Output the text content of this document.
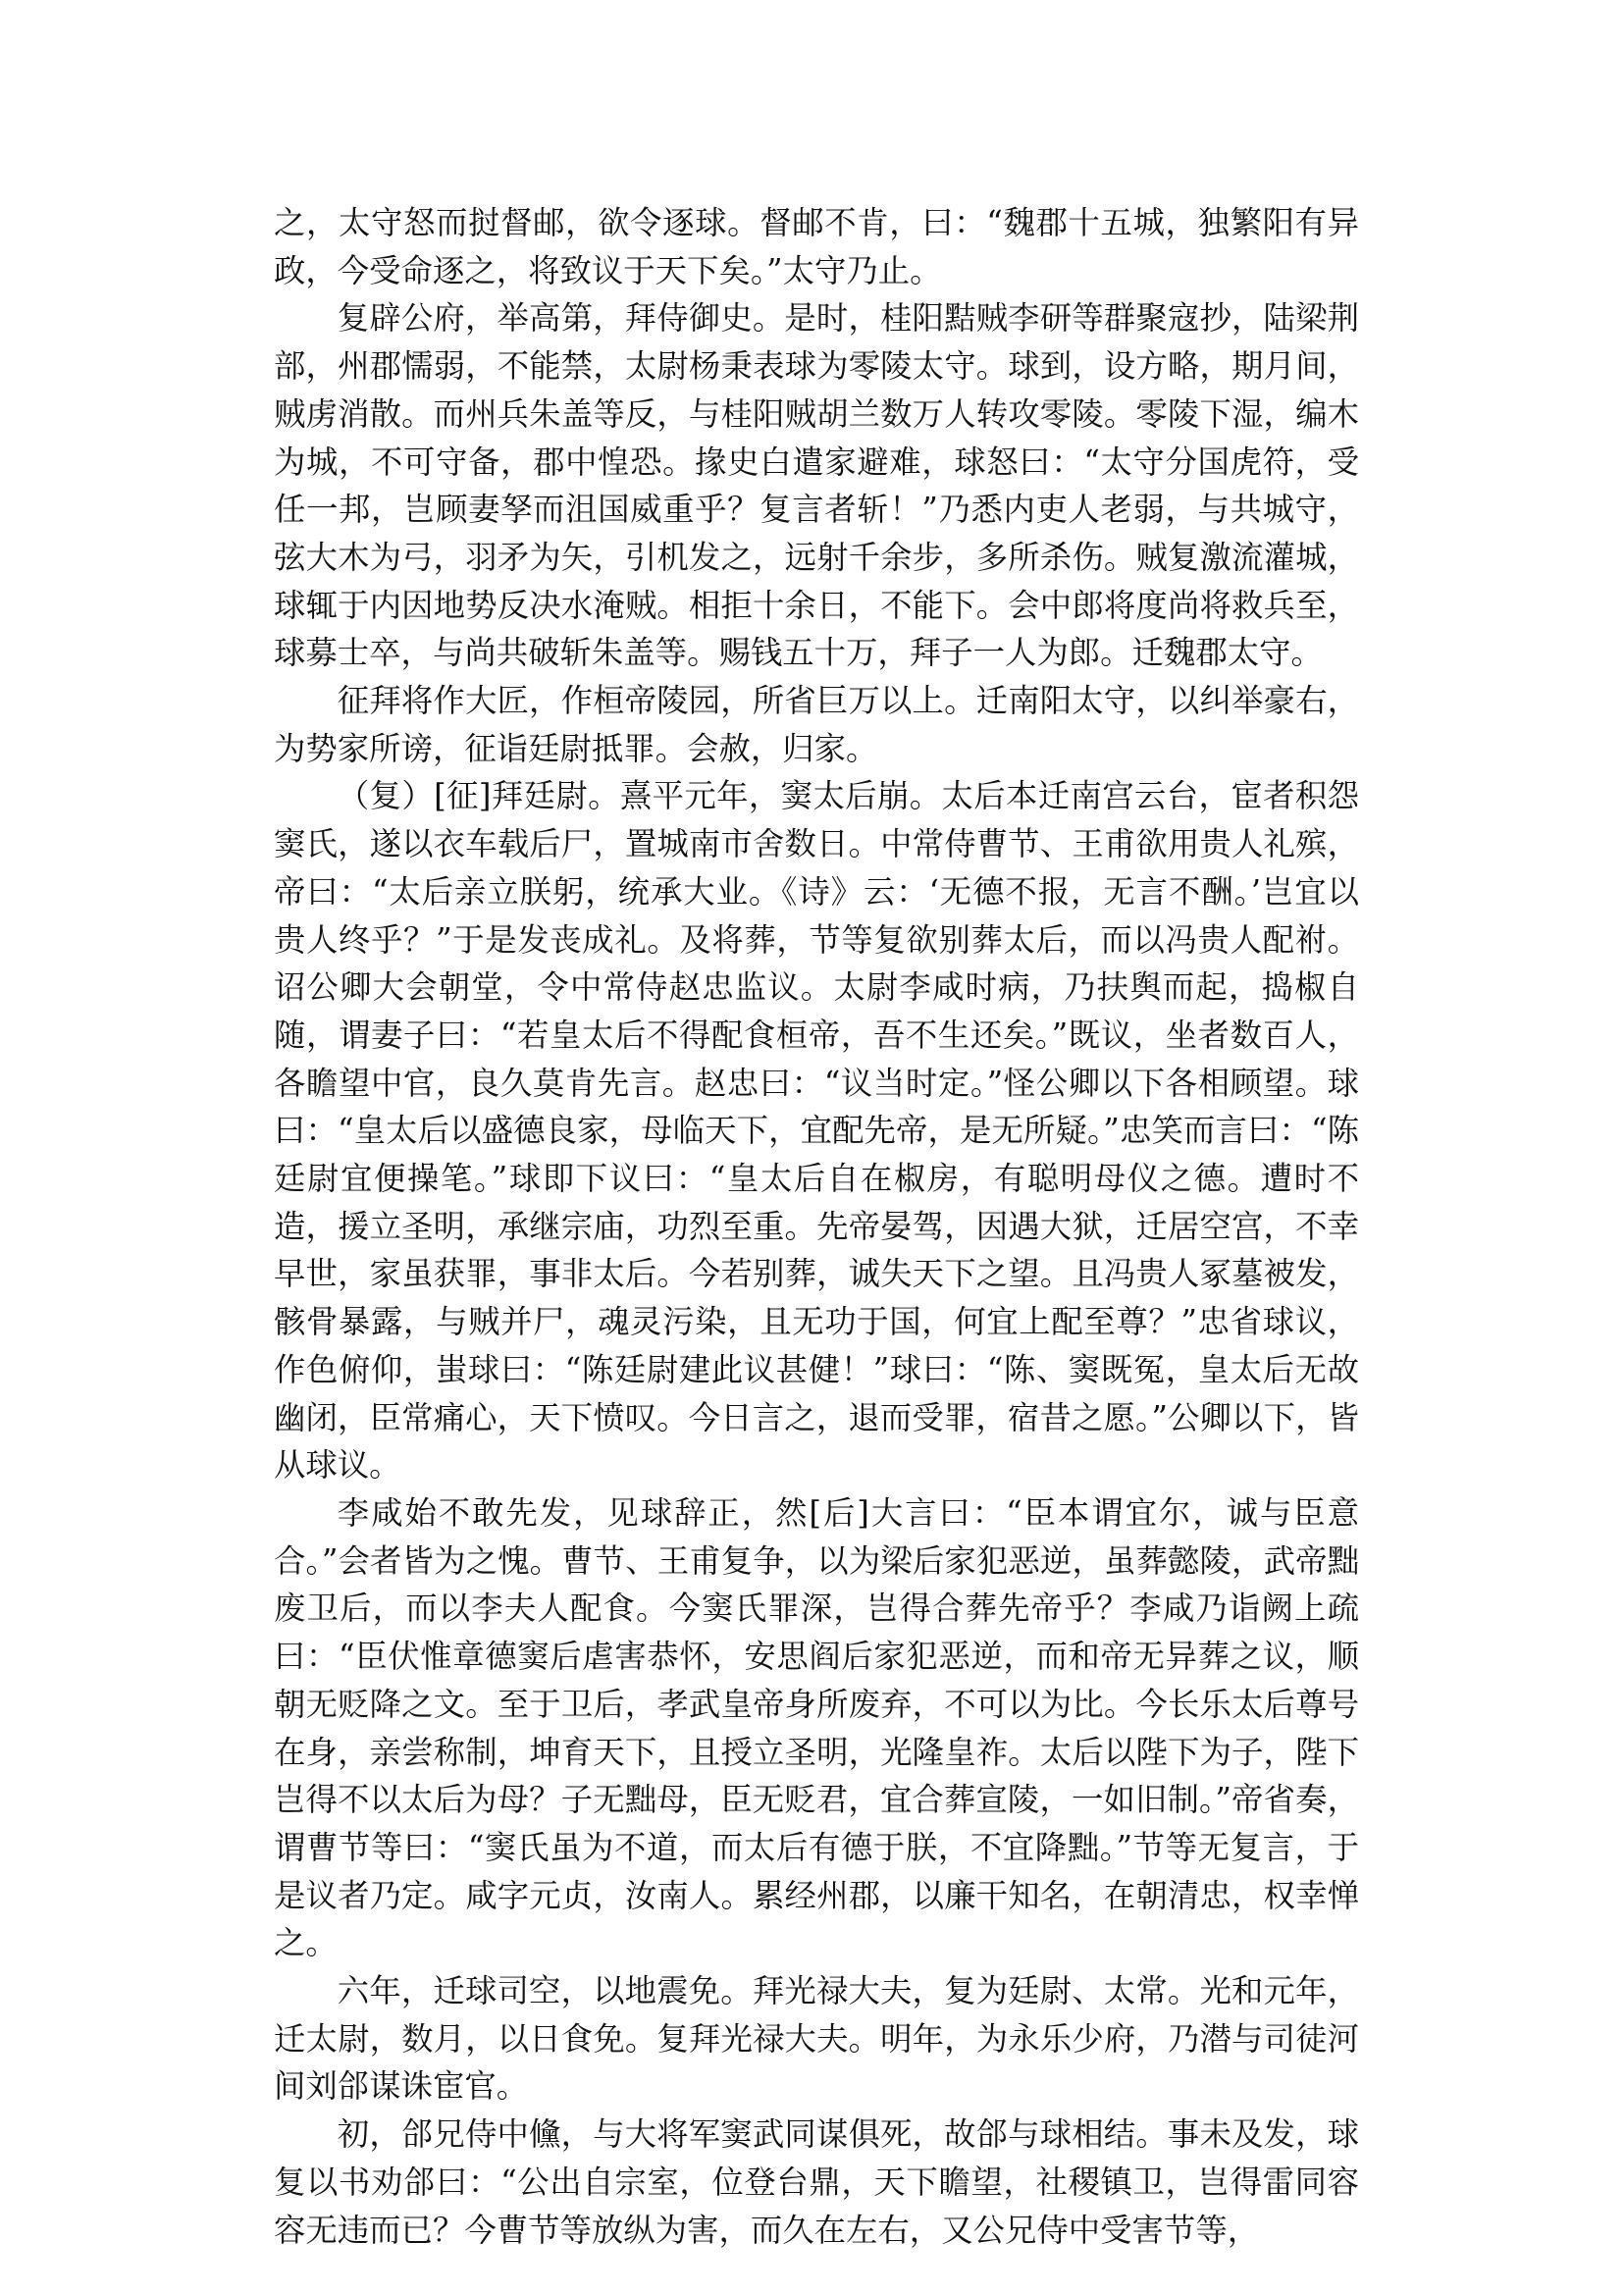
之，太守怒而挝督邮，欲令逐球。督邮不肯，曰：“魏郡十五城，独繁阳有异政，今受命逐之，将致议于天下矣。”太守乃止。

复辟公府，举高第，拜侍御史。是时，桂阳黠贼李研等群聚寇抄，陆梁荆部，州郡懦弱，不能禁，太尉杨秉表球为零陵太守。球到，设方略，期月间，贼虏消散。而州兵朱盖等反，与桂阳贼胡兰数万人转攻零陵。零陵下湿，编木为城，不可守备，郡中惶恐。掾史白遣家避难，球怒曰：“太守分国虎符，受任一邦，岂顾妻孥而沮国威重乎？复言者斩！”乃悉内吏人老弱，与共城守，弦大木为弓，羽矛为矢，引机发之，远射千余步，多所杀伤。贼复激流灌城，球辄于内因地势反决水淹贼。相拒十余日，不能下。会中郎将度尚将救兵至，球募士卒，与尚共破斩朱盖等。赐钱五十万，拜子一人为郎。迁魏郡太守。

征拜将作大匠，作桓帝陵园，所省巨万以上。迁南阳太守，以纠举豪右，为势家所谤，征诣廷尉抵罪。会赦，归家。

（复）[征]拜廷尉。熹平元年，窦太后崩。太后本迁南宫云台，宦者积怨窦氏，遂以衣车载后尸，置城南市舍数日。中常侍曹节、王甫欲用贵人礼殡，帝曰：“太后亲立朕躬，统承大业。《诗》云：‘无德不报，无言不酬。’岂宜以贵人终乎？”于是发丧成礼。及将葬，节等复欲别葬太后，而以冯贵人配祔。诏公卿大会朝堂，令中常侍赵忠监议。太尉李咸时病，乃扶舆而起，捣椒自随，谓妻子曰：“若皇太后不得配食桓帝，吾不生还矣。”既议，坐者数百人，各瞻望中官，良久莫肯先言。赵忠曰：“议当时定。”怪公卿以下各相顾望。球曰：“皇太后以盛德良家，母临天下，宜配先帝，是无所疑。”忠笑而言曰：“陈廷尉宜便操笔。”球即下议曰：“皇太后自在椒房，有聪明母仪之德。遭时不造，援立圣明，承继宗庙，功烈至重。先帝晏驾，因遇大狱，迁居空宫，不幸早世，家虽获罪，事非太后。今若别葬，诚失天下之望。且冯贵人冢墓被发，骸骨暴露，与贼并尸，魂灵污染，且无功于国，何宜上配至尊？”忠省球议，作色俯仰，蚩球曰：“陈廷尉建此议甚健！”球曰：“陈、窦既冤，皇太后无故幽闭，臣常痛心，天下愤叹。今日言之，退而受罪，宿昔之愿。”公卿以下，皆从球议。

李咸始不敢先发，见球辞正，然[后]大言曰：“臣本谓宜尔，诚与臣意合。”会者皆为之愧。曹节、王甫复争，以为梁后家犯恶逆，虽葬懿陵，武帝黜废卫后，而以李夫人配食。今窦氏罪深，岂得合葬先帝乎？李咸乃诣阙上疏曰：“臣伏惟章德窦后虐害恭怀，安思阎后家犯恶逆，而和帝无异葬之议，顺朝无贬降之文。至于卫后，孝武皇帝身所废弃，不可以为比。今长乐太后尊号在身，亲尝称制，坤育天下，且授立圣明，光隆皇祚。太后以陛下为子，陛下岂得不以太后为母？子无黜母，臣无贬君，宜合葬宣陵，一如旧制。”帝省奏，谓曹节等曰：“窦氏虽为不道，而太后有德于朕，不宜降黜。”节等无复言，于是议者乃定。咸字元贞，汝南人。累经州郡，以廉干知名，在朝清忠，权幸惮之。

六年，迁球司空，以地震免。拜光禄大夫，复为廷尉、太常。光和元年，迁太尉，数月，以日食免。复拜光禄大夫。明年，为永乐少府，乃潜与司徒河间刘郃谋诛宦官。

初，郃兄侍中儵，与大将军窦武同谋俱死，故郃与球相结。事未及发，球复以书劝郃曰：“公出自宗室，位登台鼎，天下瞻望，社稷镇卫，岂得雷同容容无违而已？今曹节等放纵为害，而久在左右，又公兄侍中受害节等，
